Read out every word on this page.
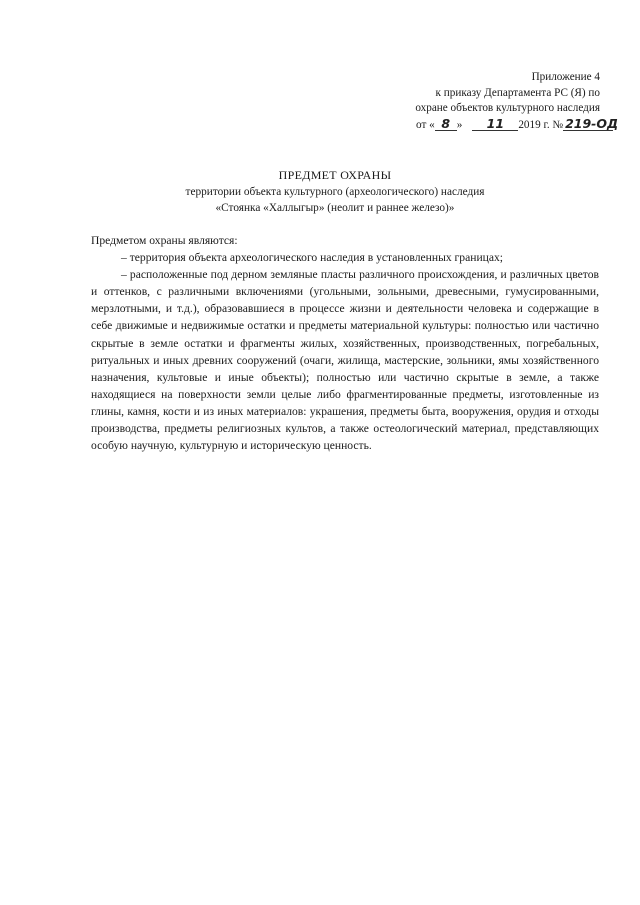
Приложение 4
к приказу Департамента РС (Я) по
охране объектов культурного наследия
от « 8 » 11 2019 г. № 219-ОД
ПРЕДМЕТ ОХРАНЫ
территории объекта культурного (археологического) наследия
«Стоянка «Халлыгыр» (неолит и раннее железо)»

Предметом охраны являются:

– территория объекта археологического наследия в установленных границах;

– расположенные под дерном земляные пласты различного происхождения, и различных цветов и оттенков, с различными включениями (угольными, зольными, древесными, гумусированными, мерзлотными, и т.д.), образовавшиеся в процессе жизни и деятельности человека и содержащие в себе движимые и недвижимые остатки и предметы материальной культуры: полностью или частично скрытые в земле остатки и фрагменты жилых, хозяйственных, производственных, погребальных, ритуальных и иных древних сооружений (очаги, жилища, мастерские, зольники, ямы хозяйственного назначения, культовые и иные объекты); полностью или частично скрытые в земле, а также находящиеся на поверхности земли целые либо фрагментированные предметы, изготовленные из глины, камня, кости и из иных материалов: украшения, предметы быта, вооружения, орудия и отходы производства, предметы религиозных культов, а также остеологический материал, представляющих особую научную, культурную и историческую ценность.
